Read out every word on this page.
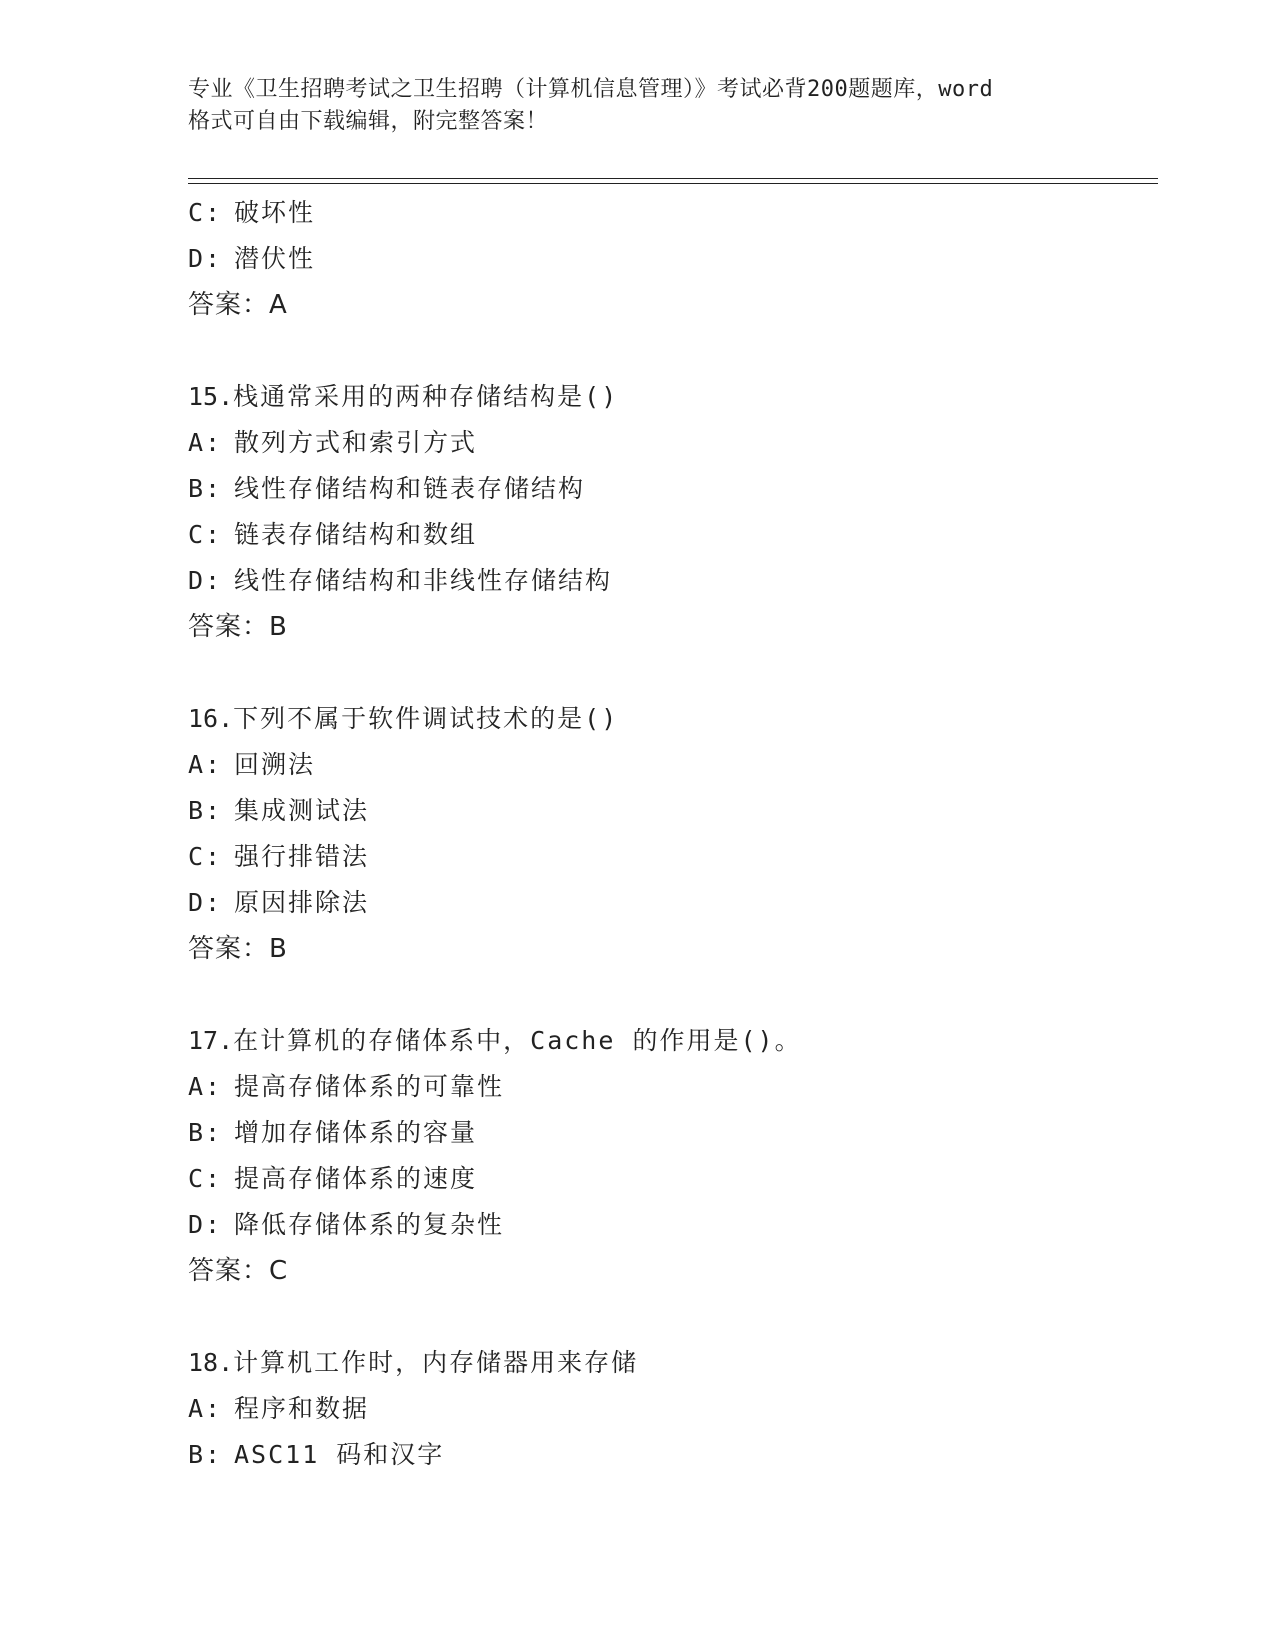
专业《卫生招聘考试之卫生招聘（计算机信息管理）》考试必背200题题库，word
格式可自由下载编辑，附完整答案！
C: 破坏性
D: 潜伏性
答案：A
15.栈通常采用的两种存储结构是()
A: 散列方式和索引方式
B: 线性存储结构和链表存储结构
C: 链表存储结构和数组
D: 线性存储结构和非线性存储结构
答案：B
16.下列不属于软件调试技术的是()
A: 回溯法
B: 集成测试法
C: 强行排错法
D: 原因排除法
答案：B
17.在计算机的存储体系中，Cache 的作用是()。
A: 提高存储体系的可靠性
B: 增加存储体系的容量
C: 提高存储体系的速度
D: 降低存储体系的复杂性
答案：C
18.计算机工作时，内存储器用来存储
A: 程序和数据
B: ASC11 码和汉字
